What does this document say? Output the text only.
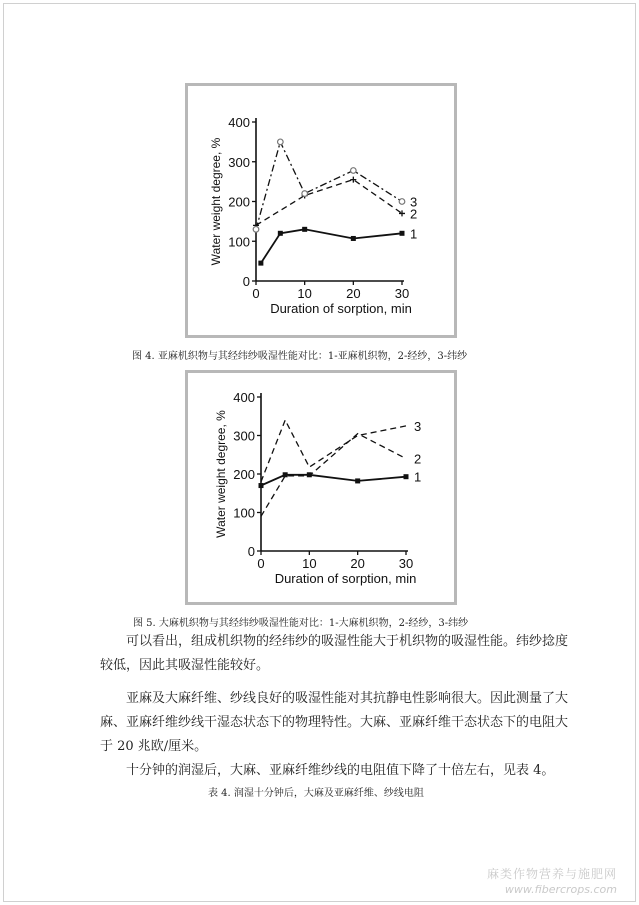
0
100
200
300
400
0	10	20	30
Duration of sorption, min
Water weight degree, %	1
2
3
图 4. 亚麻机织物与其经纬纱吸湿性能对比：1-亚麻机织物，2-经纱，3-纬纱
0
100
200
300
400
0	10	20	30
Duration of sorption, min
Water weight degree, %	1
2
3
图 5. 大麻机织物与其经纬纱吸湿性能对比：1-大麻机织物，2-经纱，3-纬纱
可以看出，组成机织物的经纬纱的吸湿性能大于机织物的吸湿性能。纬纱捻度较低，因此其吸湿性能较好。
亚麻及大麻纤维、纱线良好的吸湿性能对其抗静电性影响很大。因此测量了大麻、亚麻纤维纱线干湿态状态下的物理特性。大麻、亚麻纤维干态状态下的电阻大于 20 兆欧/厘米。
十分钟的润湿后，大麻、亚麻纤维纱线的电阻值下降了十倍左右，见表 4。
表 4. 润湿十分钟后，大麻及亚麻纤维、纱线电阻
麻类作物营养与施肥网
www.fibercrops.com
